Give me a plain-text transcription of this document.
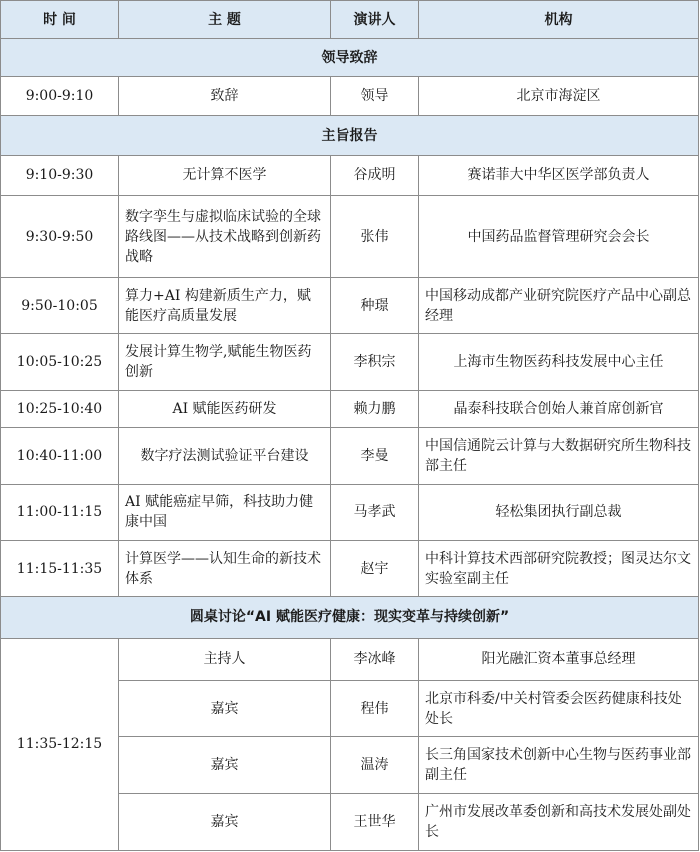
时 间	主 题	演讲人	机构
领导致辞			
9:00-9:10	致辞	领导	北京市海淀区
主旨报告			
9:10-9:30	无计算不医学	谷成明	赛诺菲大中华区医学部负责人
9:30-9:50	数字孪生与虚拟临床试验的全球路线图——从技术战略到创新药战略	张伟	中国药品监督管理研究会会长
9:50-10:05	算力+AI 构建新质生产力，赋能医疗高质量发展	种璟	中国移动成都产业研究院医疗产品中心副总经理
10:05-10:25	发展计算生物学,赋能生物医药创新	李积宗	上海市生物医药科技发展中心主任
10:25-10:40	AI 赋能医药研发	赖力鹏	晶泰科技联合创始人兼首席创新官
10:40-11:00	数字疗法测试验证平台建设	李曼	中国信通院云计算与大数据研究所生物科技部主任
11:00-11:15	AI 赋能癌症早筛，科技助力健康中国	马孝武	轻松集团执行副总裁
11:15-11:35	计算医学——认知生命的新技术体系	赵宇	中科计算技术西部研究院教授；图灵达尔文实验室副主任
圆桌讨论“AI 赋能医疗健康：现实变革与持续创新”			
11:35-12:15	主持人	李冰峰	阳光融汇资本董事总经理
	嘉宾	程伟	北京市科委/中关村管委会医药健康科技处处长
	嘉宾	温涛	长三角国家技术创新中心生物与医药事业部副主任
	嘉宾	王世华	广州市发展改革委创新和高技术发展处副处长
